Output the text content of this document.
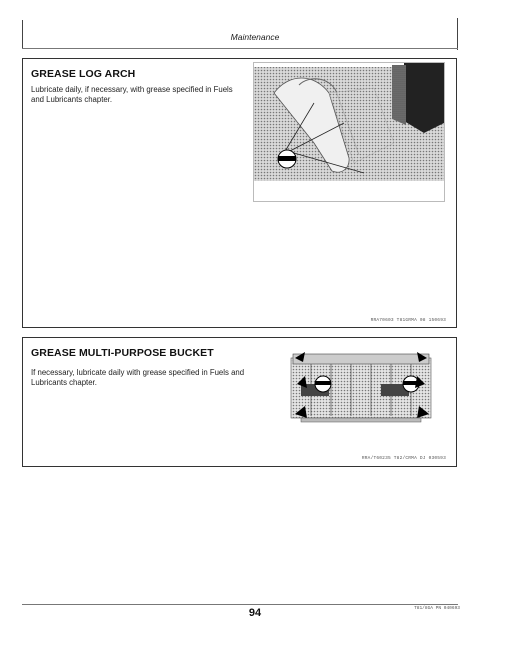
Maintenance
GREASE LOG ARCH
Lubricate daily, if necessary, with grease specified in Fuels and Lubricants chapter.
RRA70603 T81GRMA 08 150693
GREASE MULTI-PURPOSE BUCKET
If necessary, lubricate daily with grease specified in Fuels and Lubricants chapter.
RRA/T60235 T82/CRMA DJ 030593
94	T81/8GA PN 040693
